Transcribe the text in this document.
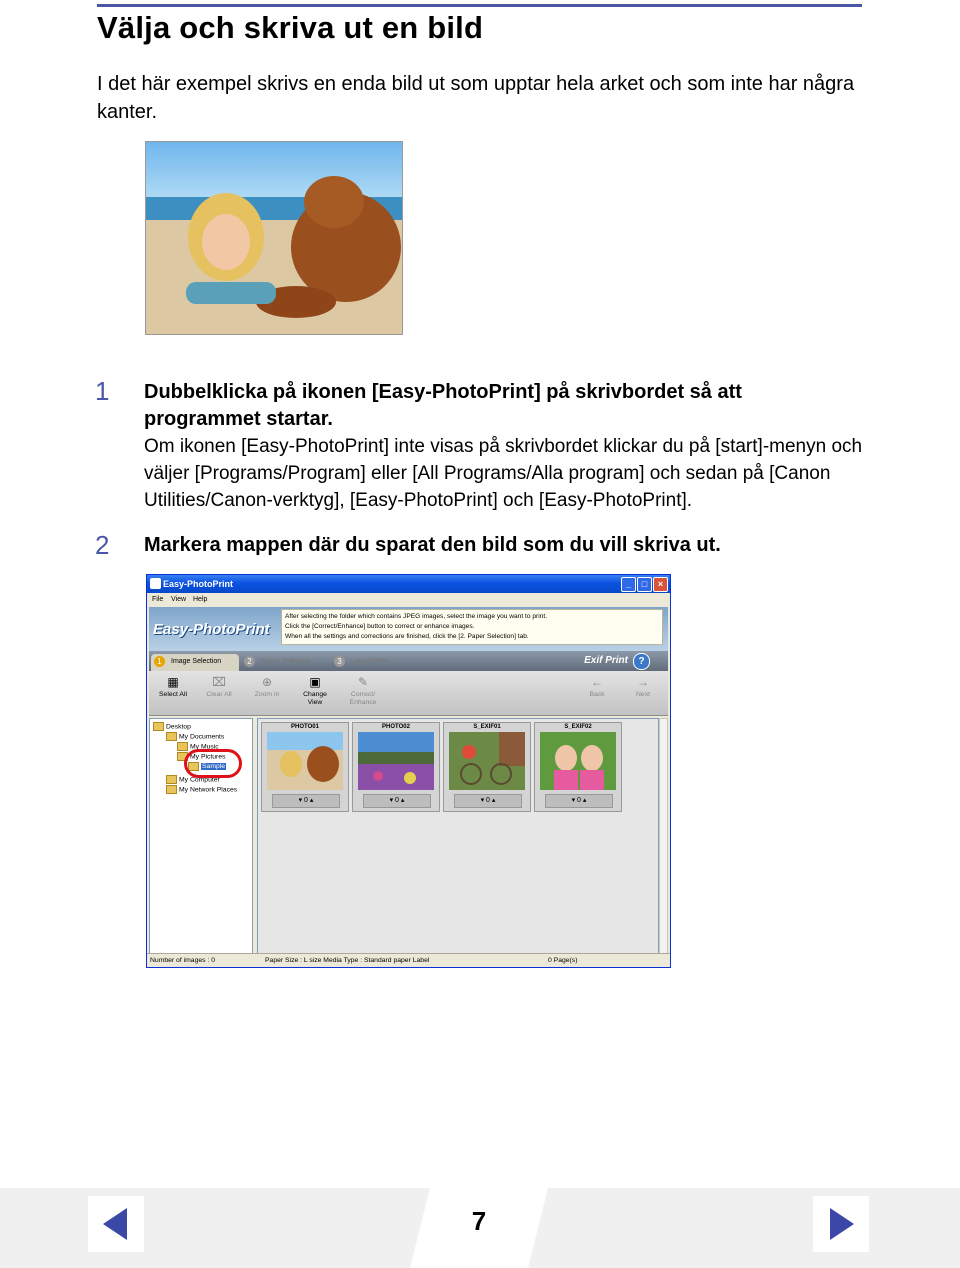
Välja och skriva ut en bild
I det här exempel skrivs en enda bild ut som upptar hela arket och som inte har några kanter.
1 Dubbelklicka på ikonen [Easy-PhotoPrint] på skrivbordet så att programmet startar.
Om ikonen [Easy-PhotoPrint] inte visas på skrivbordet klickar du på [start]-menyn och väljer [Programs/Program] eller [All Programs/Alla program] och sedan på [Canon Utilities/Canon-verktyg], [Easy-PhotoPrint] och [Easy-PhotoPrint].
2 Markera mappen där du sparat den bild som du vill skriva ut.
Easy-PhotoPrint	_	□	×
File View Help
Easy-PhotoPrint
After selecting the folder which contains JPEG images, select the image you want to print.
Click the [Correct/Enhance] button to correct or enhance images.
When all the settings and corrections are finished, click the [2. Paper Selection] tab.
1	Image Selection	2	Paper Selection	3	Layout/Print	Exif Print	?
▦
Select All
⌧
Clear All
⊕
Zoom in
▣
Change View
✎
Correct/ Enhance
←
Back
→
Next
Desktop
My Documents
My Music
My Pictures
Sample
My Computer
My Network Places
PHOTO01
▾ 0 ▴
PHOTO02
▾ 0 ▴
S_EXIF01
▾ 0 ▴
S_EXIF02
▾ 0 ▴
Number of images : 0	Paper Size : L size Media Type : Standard paper Label	0 Page(s)
7
